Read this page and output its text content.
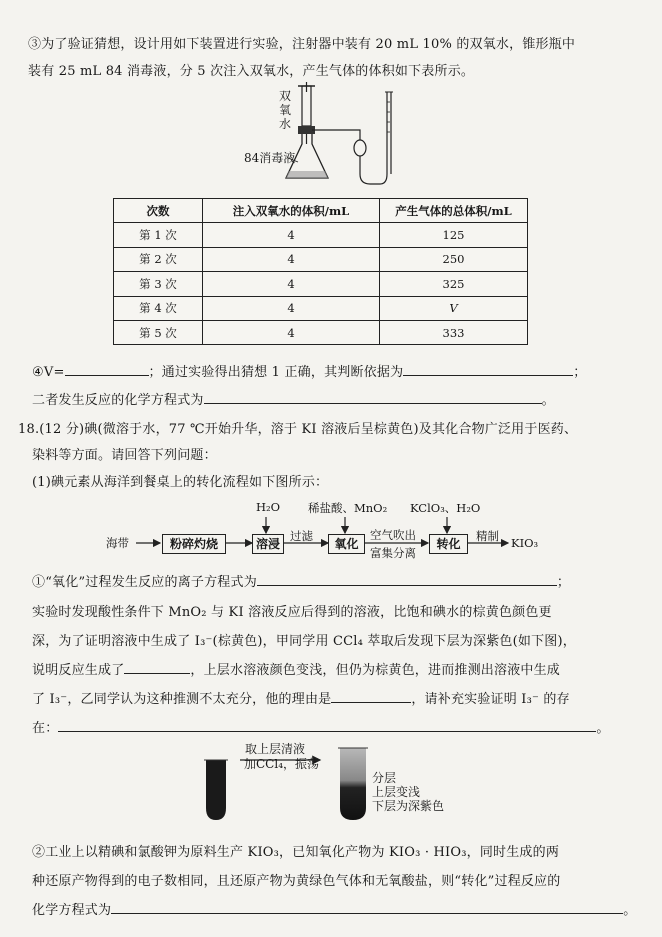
③为了验证猜想，设计用如下装置进行实验，注射器中装有 20 mL 10% 的双氧水，锥形瓶中
装有 25 mL 84 消毒液，分 5 次注入双氧水，产生气体的体积如下表所示。
双
氧
水
84消毒液
次数	注入双氧水的体积/mL	产生气体的总体积/mL
第 1 次	4	125
第 2 次	4	250
第 3 次	4	325
第 4 次	4	V
第 5 次	4	333
④V=	；通过实验得出猜想 1 正确，其判断依据为	；
二者发生反应的化学方程式为	。
18.(12 分)碘(微溶于水，77 ℃开始升华，溶于 KI 溶液后呈棕黄色)及其化合物广泛用于医药、
染料等方面。请回答下列问题：
(1)碘元素从海洋到餐桌上的转化流程如下图所示：
海带	粉碎灼烧	溶浸
H₂O
过滤
氧化
稀盐酸、MnO₂
空气吹出
富集分离
转化
KClO₃、H₂O
精制 KIO₃
①“氧化”过程发生反应的离子方程式为	；
实验时发现酸性条件下 MnO₂ 与 KI 溶液反应后得到的溶液，比饱和碘水的棕黄色颜色更
深，为了证明溶液中生成了 I₃⁻(棕黄色)，甲同学用 CCl₄ 萃取后发现下层为深紫色(如下图)，
说明反应生成了	，上层水溶液颜色变浅，但仍为棕黄色，进而推测出溶液中生成
了 I₃⁻，乙同学认为这种推测不太充分，他的理由是	，请补充实验证明 I₃⁻ 的存
在：	。
取上层清液
加CCl₄，振荡
分层
上层变浅
下层为深紫色
②工业上以精碘和氯酸钾为原料生产 KIO₃，已知氧化产物为 KIO₃ · HIO₃，同时生成的两
种还原产物得到的电子数相同，且还原产物为黄绿色气体和无氧酸盐，则“转化”过程反应的
化学方程式为	。
